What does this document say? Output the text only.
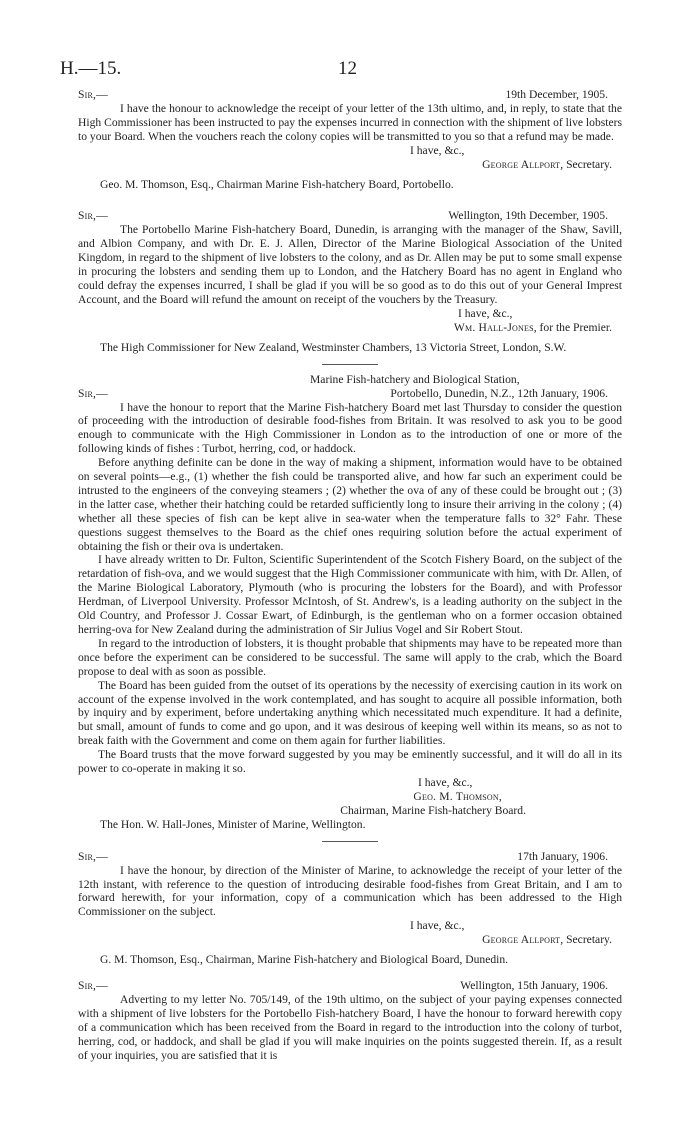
H.—15.	12
Sir,—	19th December, 1905.

I have the honour to acknowledge the receipt of your letter of the 13th ultimo, and, in reply, to state that the High Commissioner has been instructed to pay the expenses incurred in connection with the shipment of live lobsters to your Board. When the vouchers reach the colony copies will be transmitted to you so that a refund may be made.

I have, &c.,
George Allport, Secretary.
Geo. M. Thomson, Esq., Chairman Marine Fish-hatchery Board, Portobello.
Sir,—	Wellington, 19th December, 1905.

The Portobello Marine Fish-hatchery Board, Dunedin, is arranging with the manager of the Shaw, Savill, and Albion Company, and with Dr. E. J. Allen, Director of the Marine Biological Association of the United Kingdom, in regard to the shipment of live lobsters to the colony, and as Dr. Allen may be put to some small expense in procuring the lobsters and sending them up to London, and the Hatchery Board has no agent in England who could defray the expenses incurred, I shall be glad if you will be so good as to do this out of your General Imprest Account, and the Board will refund the amount on receipt of the vouchers by the Treasury.

I have, &c.,
Wm. Hall-Jones, for the Premier.
The High Commissioner for New Zealand, Westminster Chambers, 13 Victoria Street, London, S.W.
Marine Fish-hatchery and Biological Station,
Sir,—	Portobello, Dunedin, N.Z., 12th January, 1906.

I have the honour to report that the Marine Fish-hatchery Board met last Thursday to consider the question of proceeding with the introduction of desirable food-fishes from Britain. It was resolved to ask you to be good enough to communicate with the High Commissioner in London as to the introduction of one or more of the following kinds of fishes : Turbot, herring, cod, or haddock.

Before anything definite can be done in the way of making a shipment, information would have to be obtained on several points—e.g., (1) whether the fish could be transported alive, and how far such an experiment could be intrusted to the engineers of the conveying steamers ; (2) whether the ova of any of these could be brought out ; (3) in the latter case, whether their hatching could be retarded sufficiently long to insure their arriving in the colony ; (4) whether all these species of fish can be kept alive in sea-water when the temperature falls to 32° Fahr. These questions suggest themselves to the Board as the chief ones requiring solution before the actual experiment of obtaining the fish or their ova is undertaken.

I have already written to Dr. Fulton, Scientific Superintendent of the Scotch Fishery Board, on the subject of the retardation of fish-ova, and we would suggest that the High Commissioner communicate with him, with Dr. Allen, of the Marine Biological Laboratory, Plymouth (who is procuring the lobsters for the Board), and with Professor Herdman, of Liverpool University. Professor McIntosh, of St. Andrew's, is a leading authority on the subject in the Old Country, and Professor J. Cossar Ewart, of Edinburgh, is the gentleman who on a former occasion obtained herring-ova for New Zealand during the administration of Sir Julius Vogel and Sir Robert Stout.

In regard to the introduction of lobsters, it is thought probable that shipments may have to be repeated more than once before the experiment can be considered to be successful. The same will apply to the crab, which the Board propose to deal with as soon as possible.

The Board has been guided from the outset of its operations by the necessity of exercising caution in its work on account of the expense involved in the work contemplated, and has sought to acquire all possible information, both by inquiry and by experiment, before undertaking anything which necessitated much expenditure. It had a definite, but small, amount of funds to come and go upon, and it was desirous of keeping well within its means, so as not to break faith with the Government and come on them again for further liabilities.

The Board trusts that the move forward suggested by you may be eminently successful, and it will do all in its power to co-operate in making it so.

I have, &c.,
Geo. M. Thomson,
Chairman, Marine Fish-hatchery Board.
The Hon. W. Hall-Jones, Minister of Marine, Wellington.
Sir,—	17th January, 1906.

I have the honour, by direction of the Minister of Marine, to acknowledge the receipt of your letter of the 12th instant, with reference to the question of introducing desirable food-fishes from Great Britain, and I am to forward herewith, for your information, copy of a communication which has been addressed to the High Commissioner on the subject.

I have, &c.,
George Allport, Secretary.
G. M. Thomson, Esq., Chairman, Marine Fish-hatchery and Biological Board, Dunedin.
Sir,—	Wellington, 15th January, 1906.

Adverting to my letter No. 705/149, of the 19th ultimo, on the subject of your paying expenses connected with a shipment of live lobsters for the Portobello Fish-hatchery Board, I have the honour to forward herewith copy of a communication which has been received from the Board in regard to the introduction into the colony of turbot, herring, cod, or haddock, and shall be glad if you will make inquiries on the points suggested therein. If, as a result of your inquiries, you are satisfied that it is
